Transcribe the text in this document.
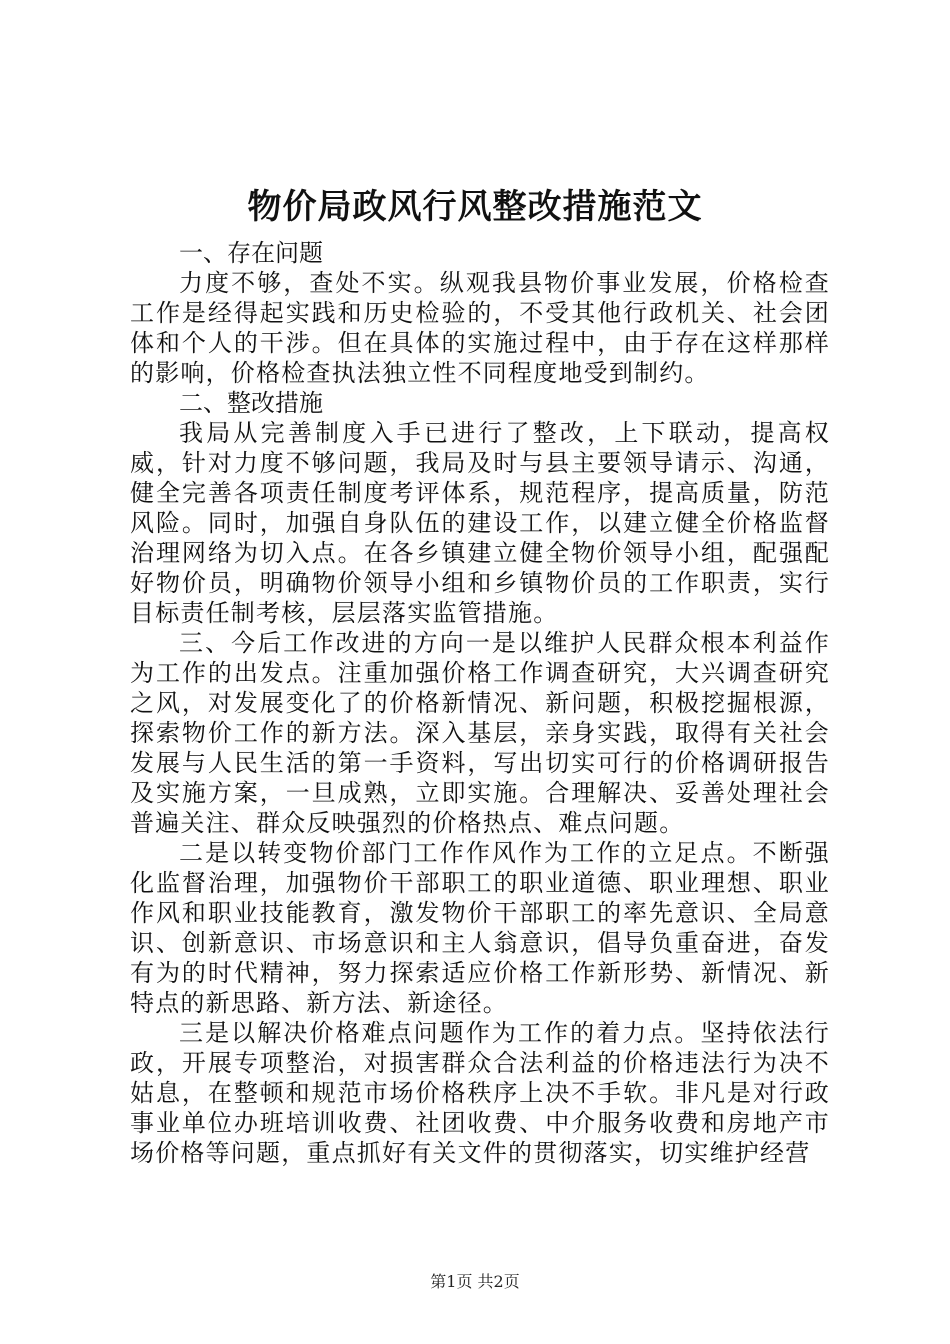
物价局政风行风整改措施范文

一、存在问题

力度不够，查处不实。纵观我县物价事业发展，价格检查工作是经得起实践和历史检验的，不受其他行政机关、社会团体和个人的干涉。但在具体的实施过程中，由于存在这样那样的影响，价格检查执法独立性不同程度地受到制约。

二、整改措施

我局从完善制度入手已进行了整改，上下联动，提高权威，针对力度不够问题，我局及时与县主要领导请示、沟通，健全完善各项责任制度考评体系，规范程序，提高质量，防范风险。同时，加强自身队伍的建设工作，以建立健全价格监督治理网络为切入点。在各乡镇建立健全物价领导小组，配强配好物价员，明确物价领导小组和乡镇物价员的工作职责，实行目标责任制考核，层层落实监管措施。

三、今后工作改进的方向一是以维护人民群众根本利益作为工作的出发点。注重加强价格工作调查研究，大兴调查研究之风，对发展变化了的价格新情况、新问题，积极挖掘根源，探索物价工作的新方法。深入基层，亲身实践，取得有关社会发展与人民生活的第一手资料，写出切实可行的价格调研报告及实施方案，一旦成熟，立即实施。合理解决、妥善处理社会普遍关注、群众反映强烈的价格热点、难点问题。

二是以转变物价部门工作作风作为工作的立足点。不断强化监督治理，加强物价干部职工的职业道德、职业理想、职业作风和职业技能教育，激发物价干部职工的率先意识、全局意识、创新意识、市场意识和主人翁意识，倡导负重奋进，奋发有为的时代精神，努力探索适应价格工作新形势、新情况、新特点的新思路、新方法、新途径。

三是以解决价格难点问题作为工作的着力点。坚持依法行政，开展专项整治，对损害群众合法利益的价格违法行为决不姑息，在整顿和规范市场价格秩序上决不手软。非凡是对行政事业单位办班培训收费、社团收费、中介服务收费和房地产市场价格等问题，重点抓好有关文件的贯彻落实，切实维护经营

第1页 共2页
